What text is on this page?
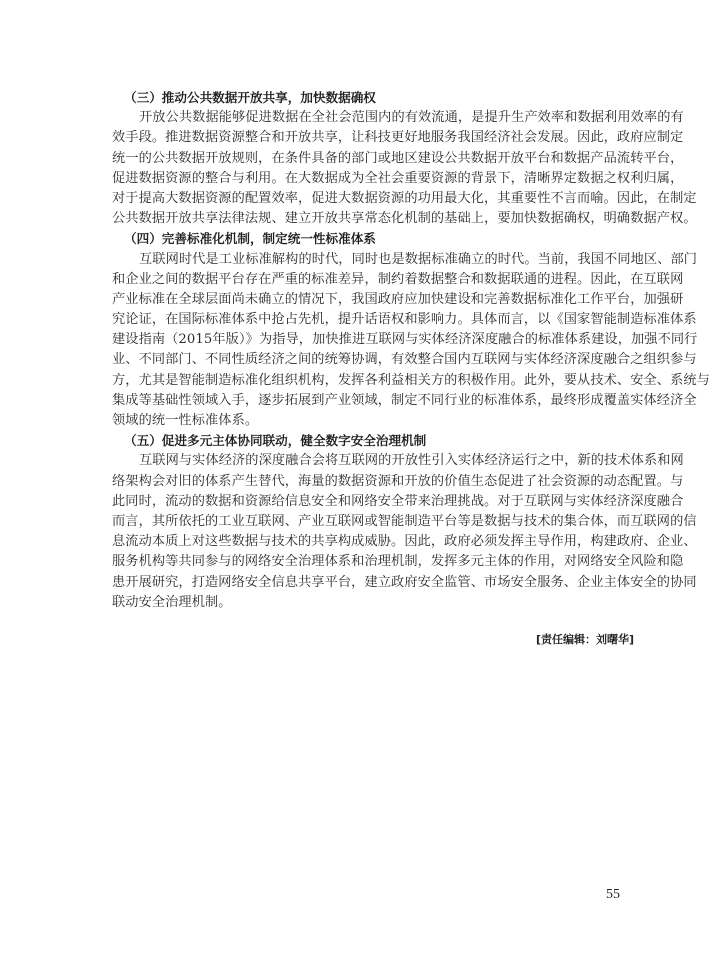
（三）推动公共数据开放共享，加快数据确权
开放公共数据能够促进数据在全社会范围内的有效流通，是提升生产效率和数据利用效率的有
效手段。推进数据资源整合和开放共享，让科技更好地服务我国经济社会发展。因此，政府应制定
统一的公共数据开放规则，在条件具备的部门或地区建设公共数据开放平台和数据产品流转平台，
促进数据资源的整合与利用。在大数据成为全社会重要资源的背景下，清晰界定数据之权利归属，
对于提高大数据资源的配置效率，促进大数据资源的功用最大化，其重要性不言而喻。因此，在制定
公共数据开放共享法律法规、建立开放共享常态化机制的基础上，要加快数据确权，明确数据产权。
（四）完善标准化机制，制定统一性标准体系
互联网时代是工业标准解构的时代，同时也是数据标准确立的时代。当前，我国不同地区、部门
和企业之间的数据平台存在严重的标准差异，制约着数据整合和数据联通的进程。因此，在互联网
产业标准在全球层面尚未确立的情况下，我国政府应加快建设和完善数据标准化工作平台，加强研
究论证，在国际标准体系中抢占先机，提升话语权和影响力。具体而言，以《国家智能制造标准体系
建设指南（2015年版）》为指导，加快推进互联网与实体经济深度融合的标准体系建设，加强不同行
业、不同部门、不同性质经济之间的统筹协调，有效整合国内互联网与实体经济深度融合之组织参与
方，尤其是智能制造标准化组织机构，发挥各利益相关方的积极作用。此外，要从技术、安全、系统与
集成等基础性领域入手，逐步拓展到产业领域，制定不同行业的标准体系，最终形成覆盖实体经济全
领域的统一性标准体系。
（五）促进多元主体协同联动，健全数字安全治理机制
互联网与实体经济的深度融合会将互联网的开放性引入实体经济运行之中，新的技术体系和网
络架构会对旧的体系产生替代，海量的数据资源和开放的价值生态促进了社会资源的动态配置。与
此同时，流动的数据和资源给信息安全和网络安全带来治理挑战。对于互联网与实体经济深度融合
而言，其所依托的工业互联网、产业互联网或智能制造平台等是数据与技术的集合体，而互联网的信
息流动本质上对这些数据与技术的共享构成威胁。因此，政府必须发挥主导作用，构建政府、企业、
服务机构等共同参与的网络安全治理体系和治理机制，发挥多元主体的作用，对网络安全风险和隐
患开展研究，打造网络安全信息共享平台，建立政府安全监管、市场安全服务、企业主体安全的协同
联动安全治理机制。
[责任编辑：刘曙华]
55
